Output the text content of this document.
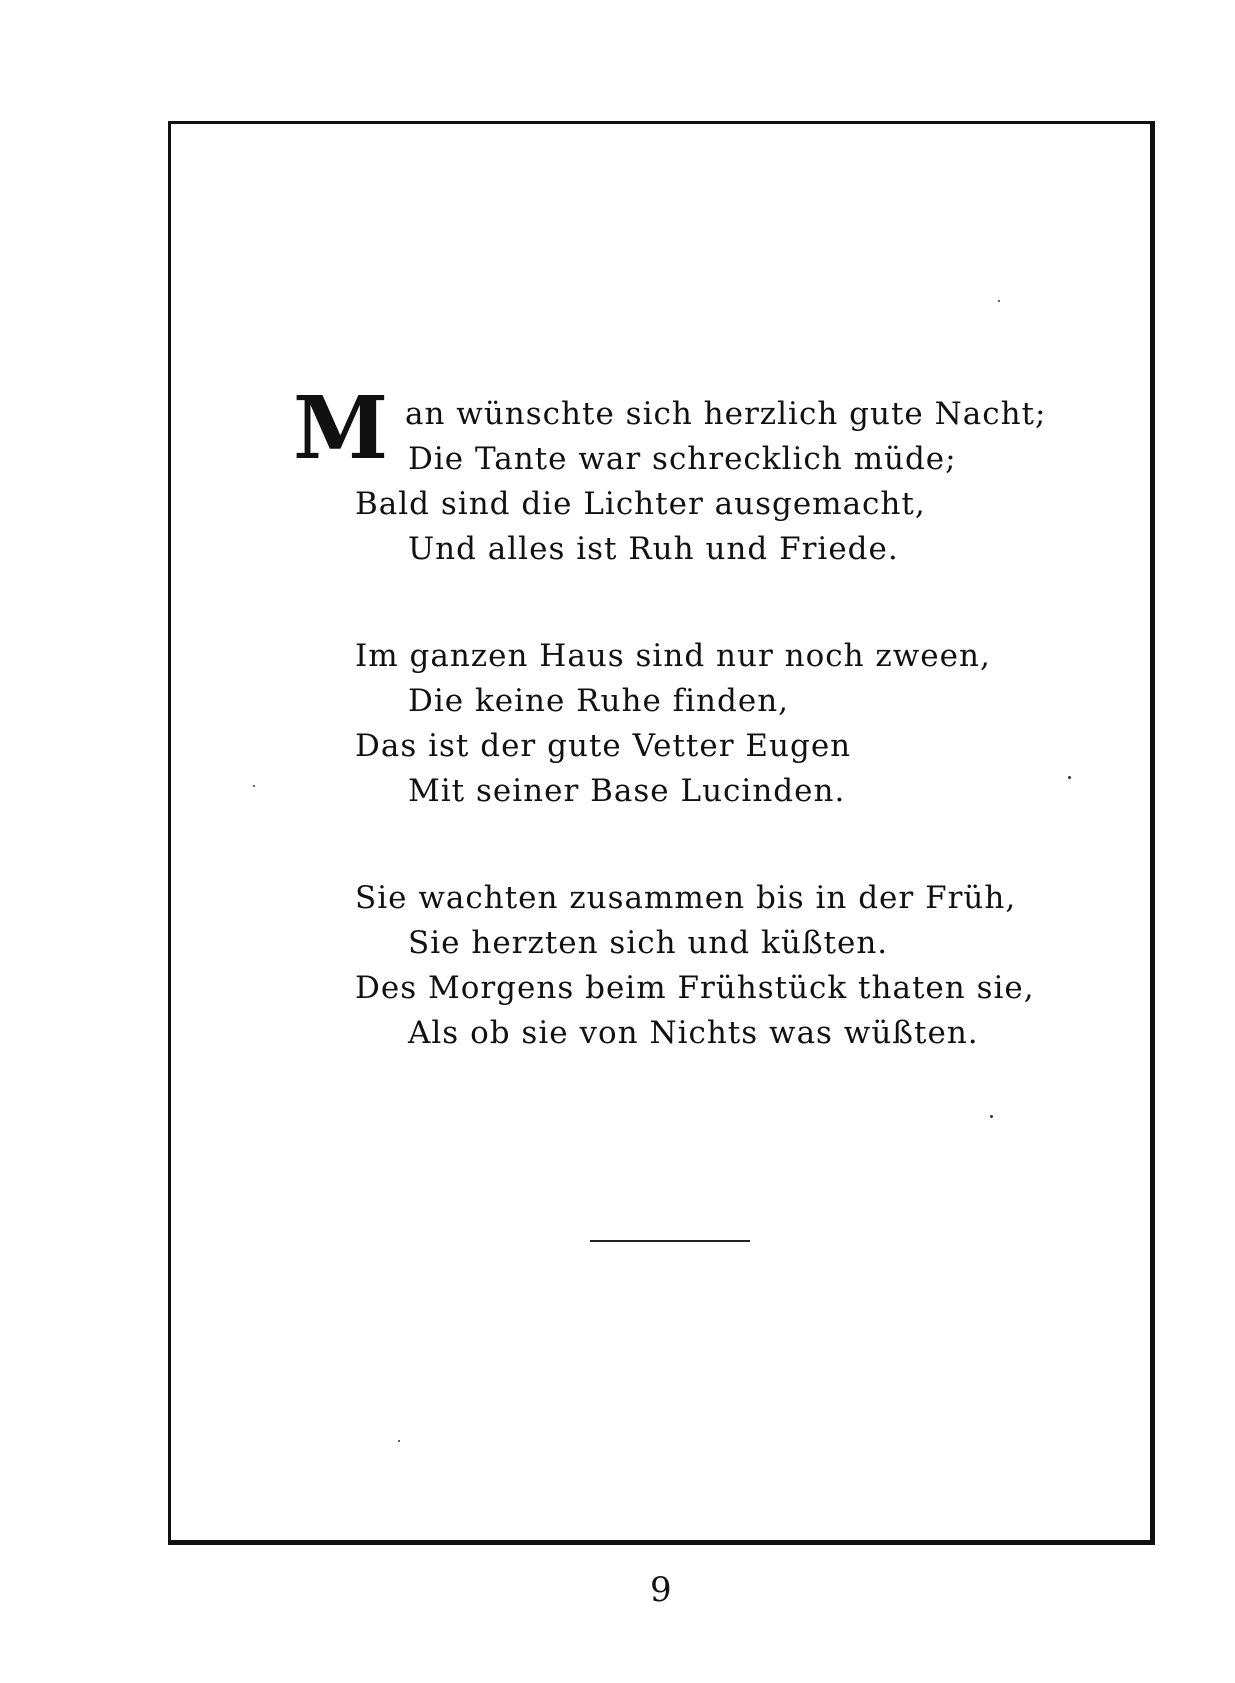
M an wünschte sich herzlich gute Nacht;
Die Tante war schrecklich müde;
Bald sind die Lichter ausgemacht,
Und alles ist Ruh und Friede.
Im ganzen Haus sind nur noch zween,
Die keine Ruhe finden,
Das ist der gute Vetter Eugen
Mit seiner Base Lucinden.
Sie wachten zusammen bis in der Früh,
Sie herzten sich und küßten.
Des Morgens beim Frühstück thaten sie,
Als ob sie von Nichts was wüßten.
9
